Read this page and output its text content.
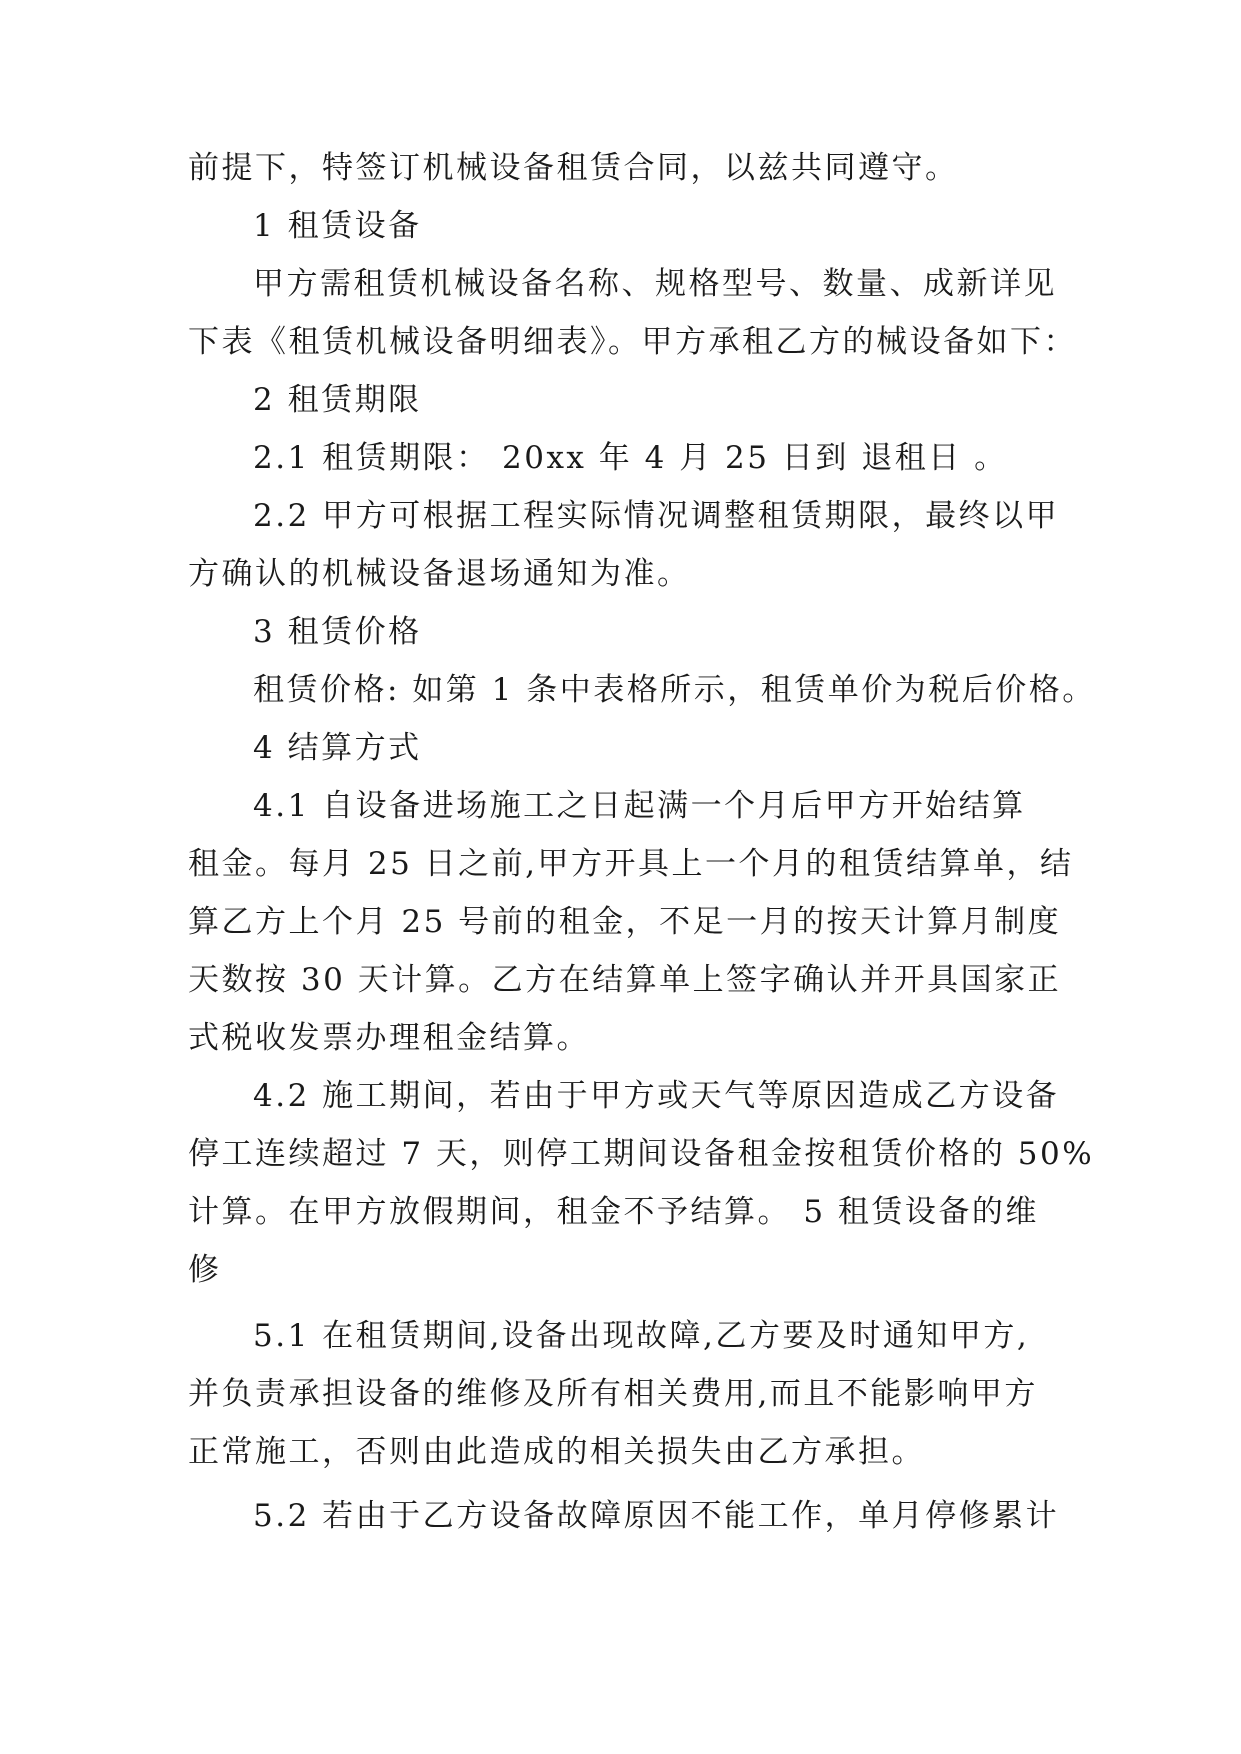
前提下，特签订机械设备租赁合同，以兹共同遵守。
1 租赁设备
甲方需租赁机械设备名称、规格型号、数量、成新详见
下表《租赁机械设备明细表》。甲方承租乙方的械设备如下：
2 租赁期限
2.1 租赁期限： 20xx 年 4 月 25 日到 退租日 。
2.2 甲方可根据工程实际情况调整租赁期限，最终以甲
方确认的机械设备退场通知为准。
3 租赁价格
租赁价格: 如第 1 条中表格所示，租赁单价为税后价格。
4 结算方式
4.1 自设备进场施工之日起满一个月后甲方开始结算
租金。每月 25 日之前,甲方开具上一个月的租赁结算单，结
算乙方上个月 25 号前的租金，不足一月的按天计算月制度
天数按 30 天计算。乙方在结算单上签字确认并开具国家正
式税收发票办理租金结算。
4.2 施工期间，若由于甲方或天气等原因造成乙方设备
停工连续超过 7 天，则停工期间设备租金按租赁价格的 50%
计算。在甲方放假期间，租金不予结算。 5 租赁设备的维
修
5.1 在租赁期间,设备出现故障,乙方要及时通知甲方,
并负责承担设备的维修及所有相关费用,而且不能影响甲方
正常施工，否则由此造成的相关损失由乙方承担。
5.2 若由于乙方设备故障原因不能工作，单月停修累计
